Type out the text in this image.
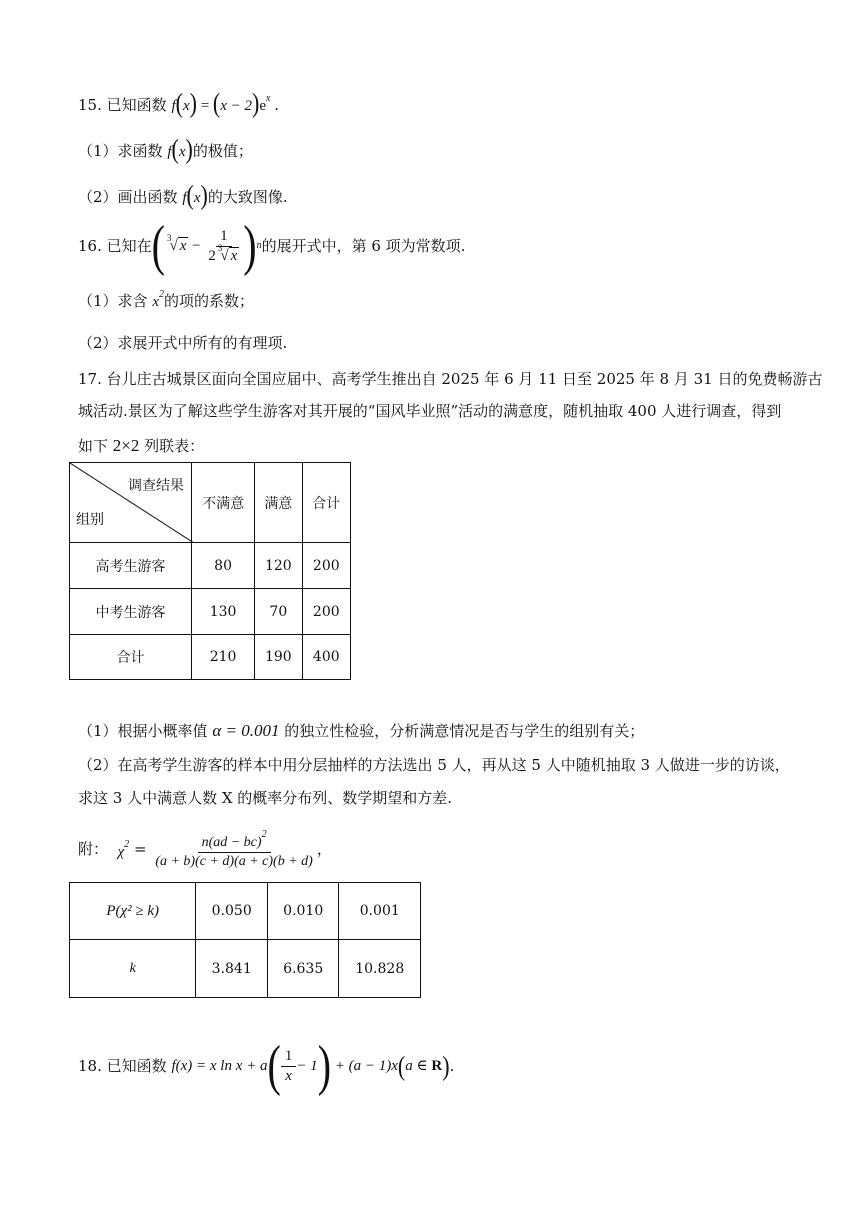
15. 已知函数 $f(x) = (x - 2)e^x$ .
（1）求函数 f(x)的极值；
（2）画出函数 f(x)的大致图像.
16.
已知在 ( $^3$√ x
−
$\frac{1}{2 ^3√ x}$ ) n 的展开式中，第 6 项为常数项.
（1）求含 $x^2$的项的系数；
（2）求展开式中所有的有理项.
17. 台儿庄古城景区面向全国应届中、高考学生推出自 2025 年 6 月 11 日至 2025 年 8 月 31 日的免费畅游古
城活动.景区为了解这些学生游客对其开展的“国风毕业照”活动的满意度，随机抽取 400 人进行调查，得到
如下 2×2 列联表：
调查结果
组别	不满意	满意	合计
高考生游客	80	120	200
中考生游客	130	70	200
合计	210	190	400
（1）根据小概率值 α = 0.001 的独立性检验，分析满意情况是否与学生的组别有关；
（2）在高考学生游客的样本中用分层抽样的方法选出 5 人，再从这 5 人中随机抽取 3 人做进一步的访谈，
求这 3 人中满意人数 X 的概率分布列、数学期望和方差.
附：
$\chi^2$
=
$\frac{n(ad - bc)^2}{(a + b)(c + d)(a + c)(b + d)}$ ，
P(χ² ≥ k)	0.050	0.010	0.001
k	3.841	6.635	10.828
18.
已知函数
f(x) =
x ln x + a ( $\frac{1}{x} - 1$ )
+ (a − 1)x ( a ∈
R ) .
